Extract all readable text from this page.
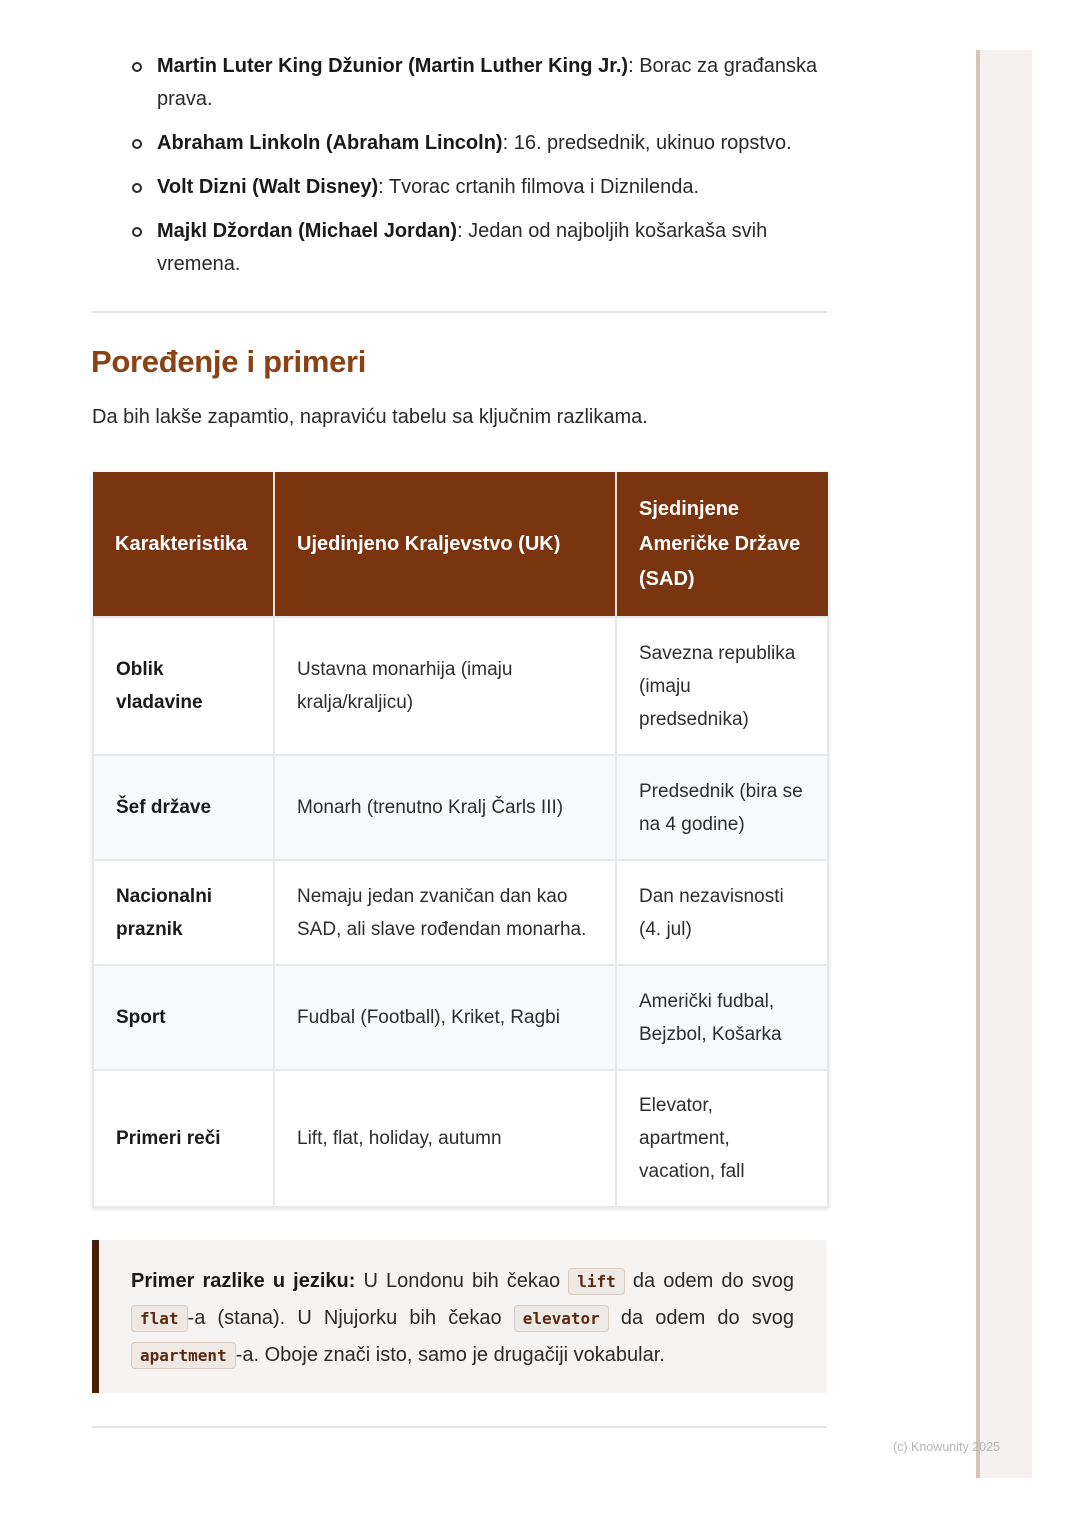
(c) Knowunity 2025
Martin Luter King Džunior (Martin Luther King Jr.): Borac za građanska prava.
Abraham Linkoln (Abraham Lincoln): 16. predsednik, ukinuo ropstvo.
Volt Dizni (Walt Disney): Tvorac crtanih filmova i Diznilenda.
Majkl Džordan (Michael Jordan): Jedan od najboljih košarkaša svih vremena.
Poređenje i primeri
Da bih lakše zapamtio, napraviću tabelu sa ključnim razlikama.
Karakteristika	Ujedinjeno Kraljevstvo (UK)	Sjedinjene Američke Države (SAD)
Oblik vladavine	Ustavna monarhija (imaju kralja/kraljicu)	Savezna republika (imaju predsednika)
Šef države	Monarh (trenutno Kralj Čarls III)	Predsednik (bira se na 4 godine)
Nacionalni praznik	Nemaju jedan zvaničan dan kao SAD, ali slave rođendan monarha.	Dan nezavisnosti (4. jul)
Sport	Fudbal (Football), Kriket, Ragbi	Američki fudbal, Bejzbol, Košarka
Primeri reči	Lift, flat, holiday, autumn	Elevator, apartment, vacation, fall
Primer razlike u jeziku: U Londonu bih čekao lift da odem do svog flat -a (stana). U Njujorku bih čekao elevator da odem do svog apartment -a. Oboje znači isto, samo je drugačiji vokabular.
